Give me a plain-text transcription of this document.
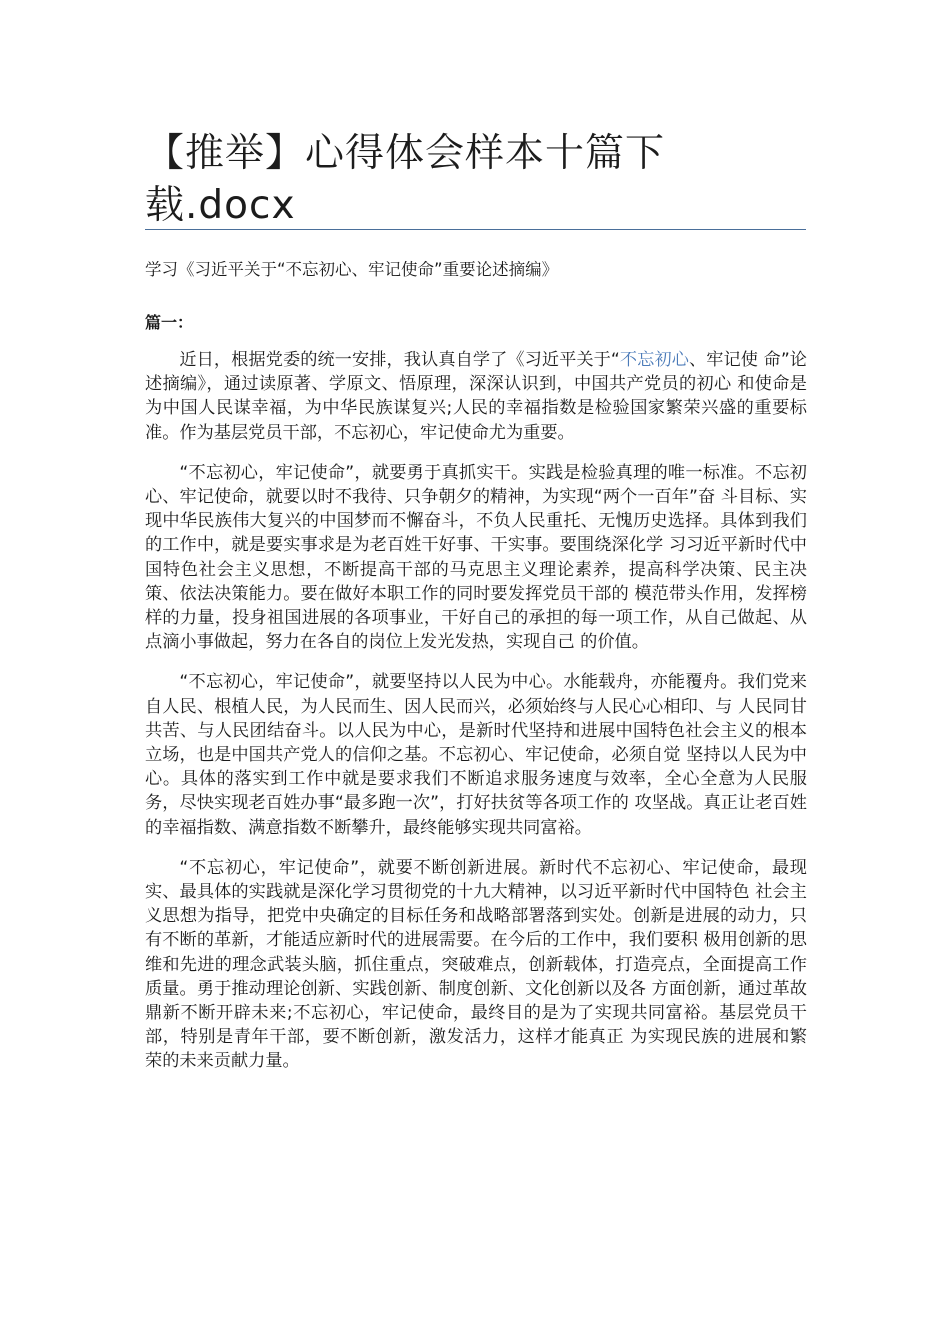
【推举】心得体会样本十篇下载.docx

学习《习近平关于“不忘初心、牢记使命”重要论述摘编》

篇一：

近日，根据党委的统一安排，我认真自学了《习近平关于“不忘初心、牢记使 命”论述摘编》，通过读原著、学原文、悟原理，深深认识到，中国共产党员的初心 和使命是为中国人民谋幸福，为中华民族谋复兴;人民的幸福指数是检验国家繁荣兴盛的重要标准。作为基层党员干部，不忘初心，牢记使命尤为重要。

“不忘初心，牢记使命”，就要勇于真抓实干。实践是检验真理的唯一标准。不忘初心、牢记使命，就要以时不我待、只争朝夕的精神，为实现“两个一百年”奋 斗目标、实现中华民族伟大复兴的中国梦而不懈奋斗，不负人民重托、无愧历史选择。具体到我们的工作中，就是要实事求是为老百姓干好事、干实事。要围绕深化学 习习近平新时代中国特色社会主义思想，不断提高干部的马克思主义理论素养，提高科学决策、民主决策、依法决策能力。要在做好本职工作的同时要发挥党员干部的 模范带头作用，发挥榜样的力量，投身祖国进展的各项事业，干好自己的承担的每一项工作，从自己做起、从点滴小事做起，努力在各自的岗位上发光发热，实现自己 的价值。

“不忘初心，牢记使命”，就要坚持以人民为中心。水能载舟，亦能覆舟。我们党来自人民、根植人民，为人民而生、因人民而兴，必须始终与人民心心相印、与 人民同甘共苦、与人民团结奋斗。以人民为中心，是新时代坚持和进展中国特色社会主义的根本立场，也是中国共产党人的信仰之基。不忘初心、牢记使命，必须自觉 坚持以人民为中心。具体的落实到工作中就是要求我们不断追求服务速度与效率，全心全意为人民服务，尽快实现老百姓办事“最多跑一次”，打好扶贫等各项工作的 攻坚战。真正让老百姓的幸福指数、满意指数不断攀升，最终能够实现共同富裕。

“不忘初心，牢记使命”，就要不断创新进展。新时代不忘初心、牢记使命，最现实、最具体的实践就是深化学习贯彻党的十九大精神，以习近平新时代中国特色 社会主义思想为指导，把党中央确定的目标任务和战略部署落到实处。创新是进展的动力，只有不断的革新，才能适应新时代的进展需要。在今后的工作中，我们要积 极用创新的思维和先进的理念武装头脑，抓住重点，突破难点，创新载体，打造亮点，全面提高工作质量。勇于推动理论创新、实践创新、制度创新、文化创新以及各 方面创新，通过革故鼎新不断开辟未来;不忘初心，牢记使命，最终目的是为了实现共同富裕。基层党员干部，特别是青年干部，要不断创新，激发活力，这样才能真正 为实现民族的进展和繁 荣的未来贡献力量。
